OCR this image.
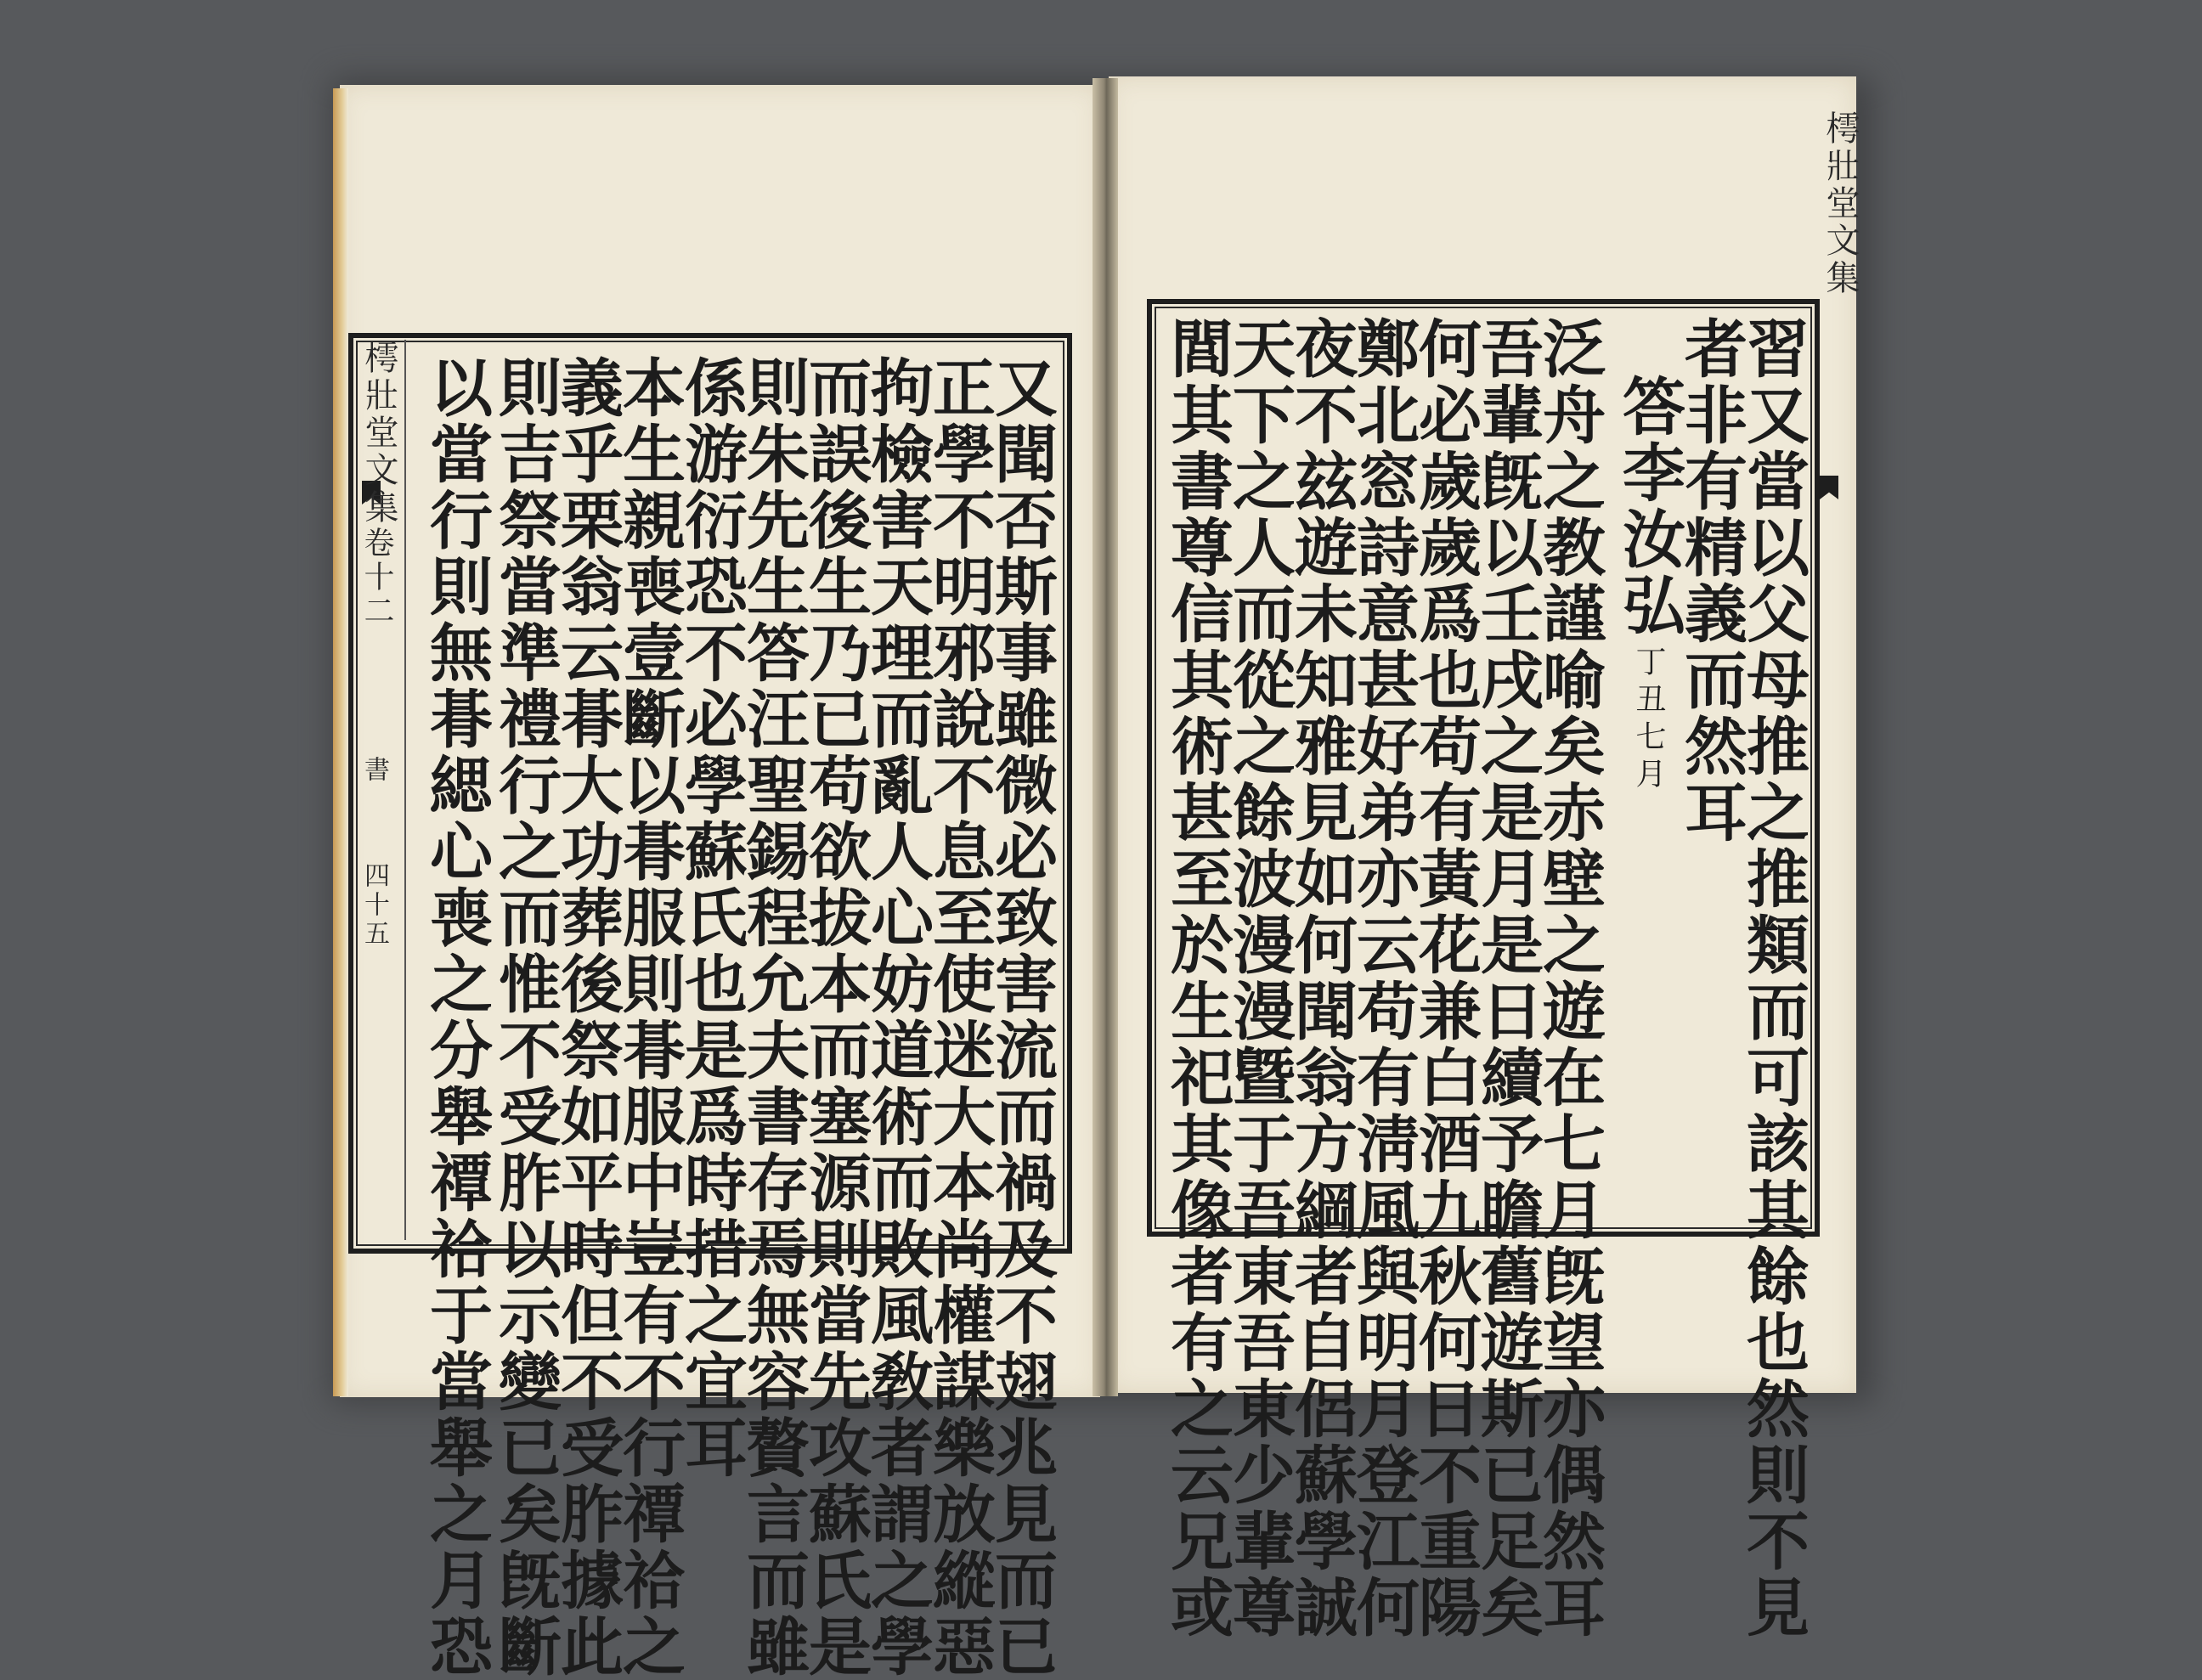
樗壯堂文集
卷十二
書
四十五	又聞否斯事雖微必致害流而禍及不翅兆見而已
正學不明邪說不息至使迷大本尚權謀樂放縱惡
拘檢害天理而亂人心妨道術而敗風敎者謂之學
而誤後生乃已苟欲拔本而塞源則當先攻蘇氏是
則朱先生答汪聖錫程允夫書存焉無容贅言而雖
係游衍恐不必學蘇氏也是爲時措之宜耳
本生親喪壹斷以朞服則朞服中豈有不行禫祫之
義乎栗翁云朞大功葬後祭如平時但不受胙據此
則吉祭當準禮行之而惟不受胙以示變已矣旣斷
以當行則無朞緦心喪之分舉禫祫于當舉之月恐
樗壯堂文集
習又當以父母推之推類而可該其餘也然則不見
者非有精義而然耳
答李汝弘
丁丑七月
泛舟之教謹喻矣赤壁之遊在七月旣望亦偶然耳
吾輩旣以壬戌之是月是日續予瞻舊遊斯已足矣
何必歲歲爲也苟有黃花兼白酒九秋何日不重陽
鄭北窓詩意甚好弟亦云苟有淸風與明月登江何
夜不玆遊未知雅見如何聞翁方綱者自侶蘇學誠
天下之人而從之餘波漫漫曁于吾東吾東少輩尊
閭其書尊信其術甚至於生祀其像者有之云兄或
